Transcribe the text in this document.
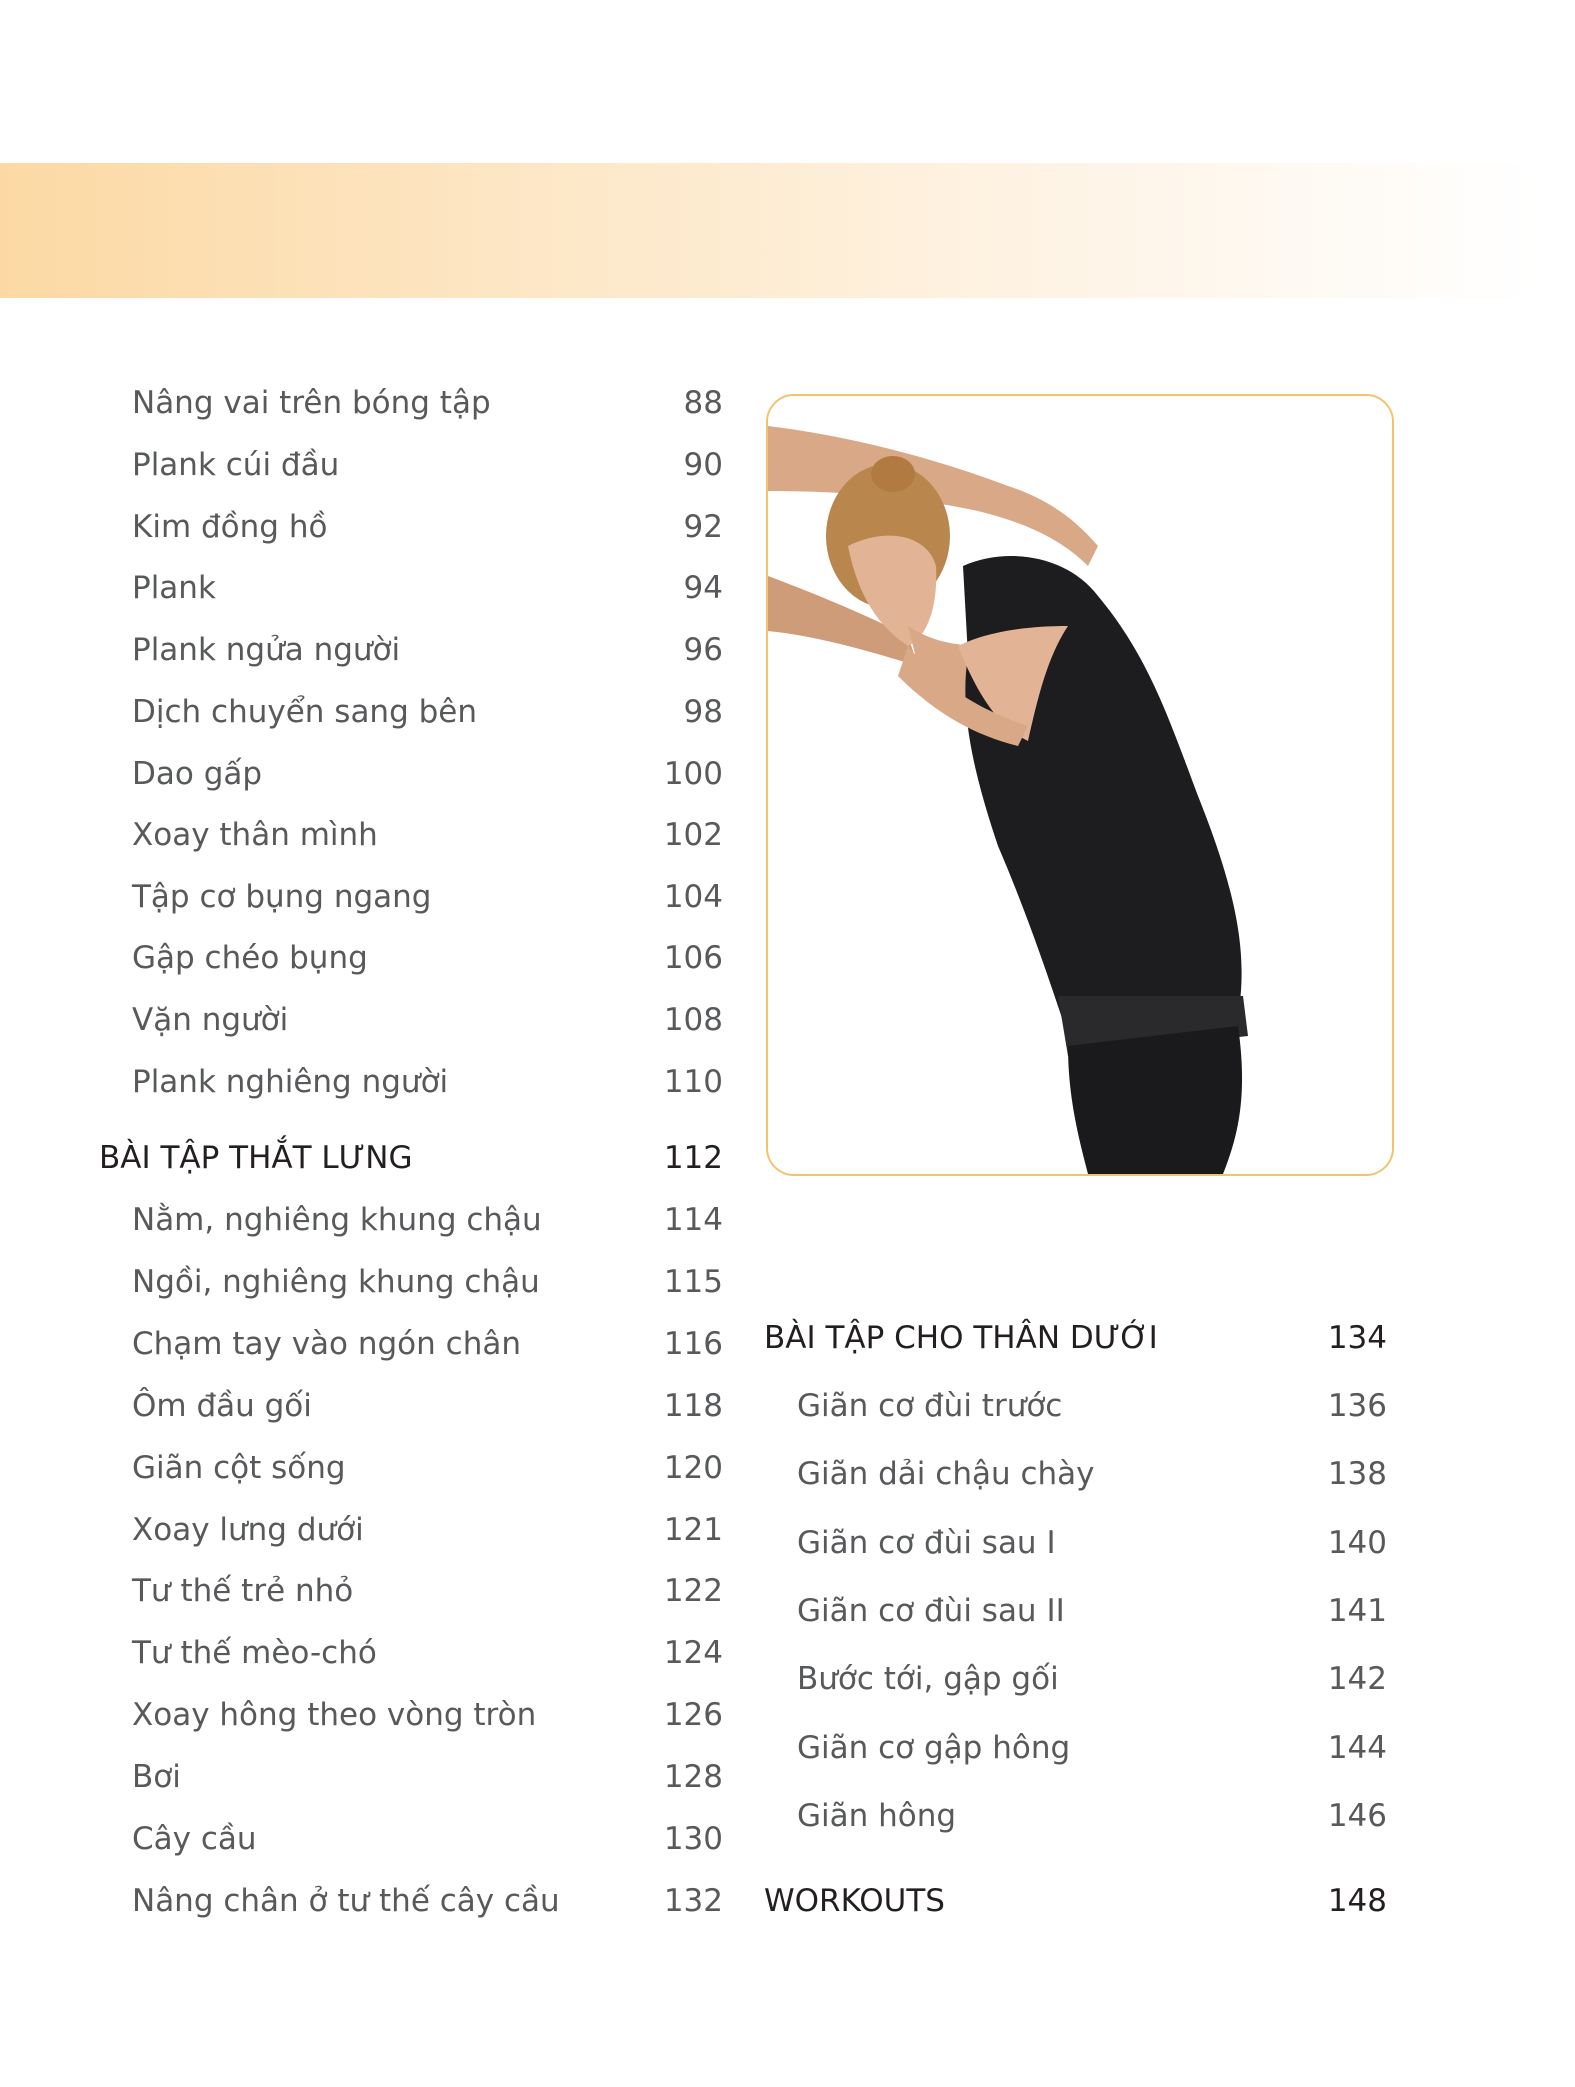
Nâng vai trên bóng tập	88
Plank cúi đầu	90
Kim đồng hồ	92
Plank	94
Plank ngửa người	96
Dịch chuyển sang bên	98
Dao gấp	100
Xoay thân mình	102
Tập cơ bụng ngang	104
Gập chéo bụng	106
Vặn người	108
Plank nghiêng người	110
BÀI TẬP THẮT LƯNG	112
Nằm, nghiêng khung chậu	114
Ngồi, nghiêng khung chậu	115
Chạm tay vào ngón chân	116
Ôm đầu gối	118
Giãn cột sống	120
Xoay lưng dưới	121
Tư thế trẻ nhỏ	122
Tư thế mèo-chó	124
Xoay hông theo vòng tròn	126
Bơi	128
Cây cầu	130
Nâng chân ở tư thế cây cầu	132
BÀI TẬP CHO THÂN DƯỚI	134
Giãn cơ đùi trước	136
Giãn dải chậu chày	138
Giãn cơ đùi sau I	140
Giãn cơ đùi sau II	141
Bước tới, gập gối	142
Giãn cơ gập hông	144
Giãn hông	146
WORKOUTS	148
